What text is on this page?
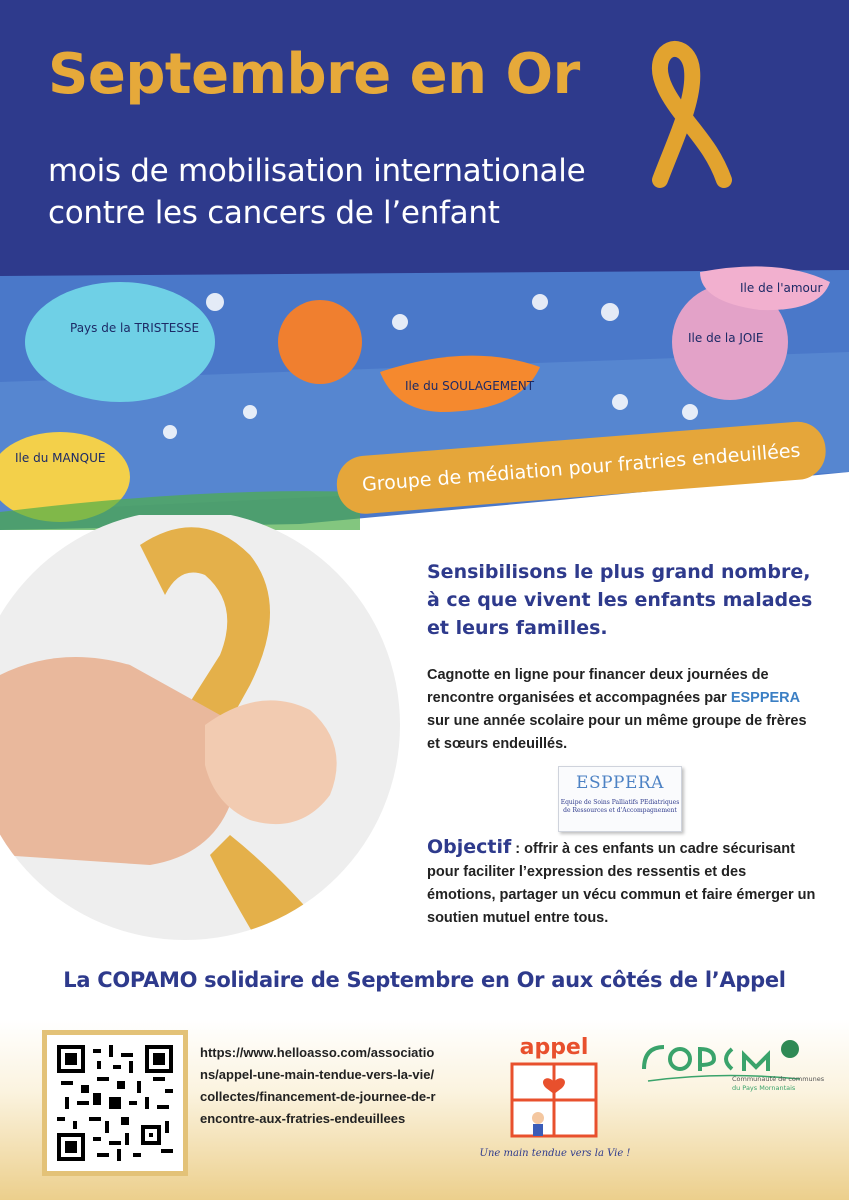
Septembre en Or
mois de mobilisation internationale
contre les cancers de l’enfant
Pays de la TRISTESSE
Ile du SOULAGEMENT
Ile de la JOIE
Ile du MANQUE
Ile de l'amour
Groupe de médiation pour fratries endeuillées

Sensibilisons le plus grand nombre, à ce que vivent les enfants malades et leurs familles.

Cagnotte en ligne pour financer deux journées de rencontre organisées et accompagnées par ESPPERA sur une année scolaire pour un même groupe de frères et sœurs endeuillés.

ESPPERA
Equipe de Soins Palliatifs PEdiatriques
de Ressources et d'Accompagnement

Objectif : offrir à ces enfants un cadre sécurisant pour faciliter l’expression des ressentis et des émotions, partager un vécu commun et faire émerger un soutien mutuel entre tous.

La COPAMO solidaire de Septembre en Or aux côtés de l’Appel

https://www.helloasso.com/associations/appel-une-main-tendue-vers-la-vie/collectes/financement-de-journee-de-rencontre-aux-fratries-endeuillees

appel
Une main tendue vers la Vie !
Communauté de communes
du Pays Mornantais
